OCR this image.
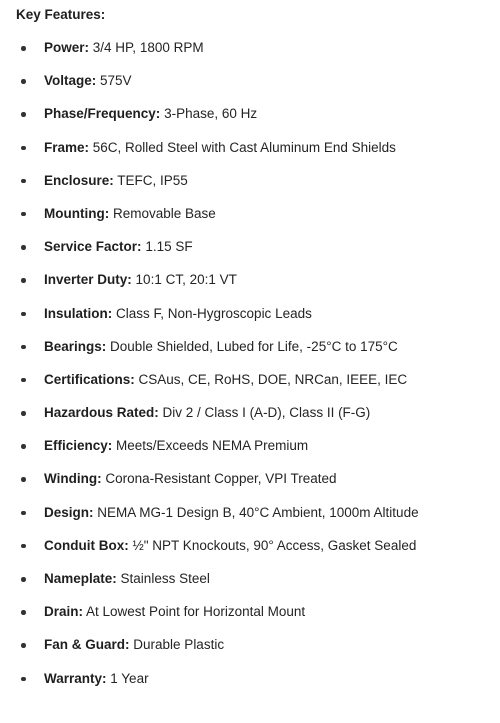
Key Features:
Power: 3/4 HP, 1800 RPM
Voltage: 575V
Phase/Frequency: 3-Phase, 60 Hz
Frame: 56C, Rolled Steel with Cast Aluminum End Shields
Enclosure: TEFC, IP55
Mounting: Removable Base
Service Factor: 1.15 SF
Inverter Duty: 10:1 CT, 20:1 VT
Insulation: Class F, Non-Hygroscopic Leads
Bearings: Double Shielded, Lubed for Life, -25°C to 175°C
Certifications: CSAus, CE, RoHS, DOE, NRCan, IEEE, IEC
Hazardous Rated: Div 2 / Class I (A-D), Class II (F-G)
Efficiency: Meets/Exceeds NEMA Premium
Winding: Corona-Resistant Copper, VPI Treated
Design: NEMA MG-1 Design B, 40°C Ambient, 1000m Altitude
Conduit Box: ½" NPT Knockouts, 90° Access, Gasket Sealed
Nameplate: Stainless Steel
Drain: At Lowest Point for Horizontal Mount
Fan & Guard: Durable Plastic
Warranty: 1 Year
